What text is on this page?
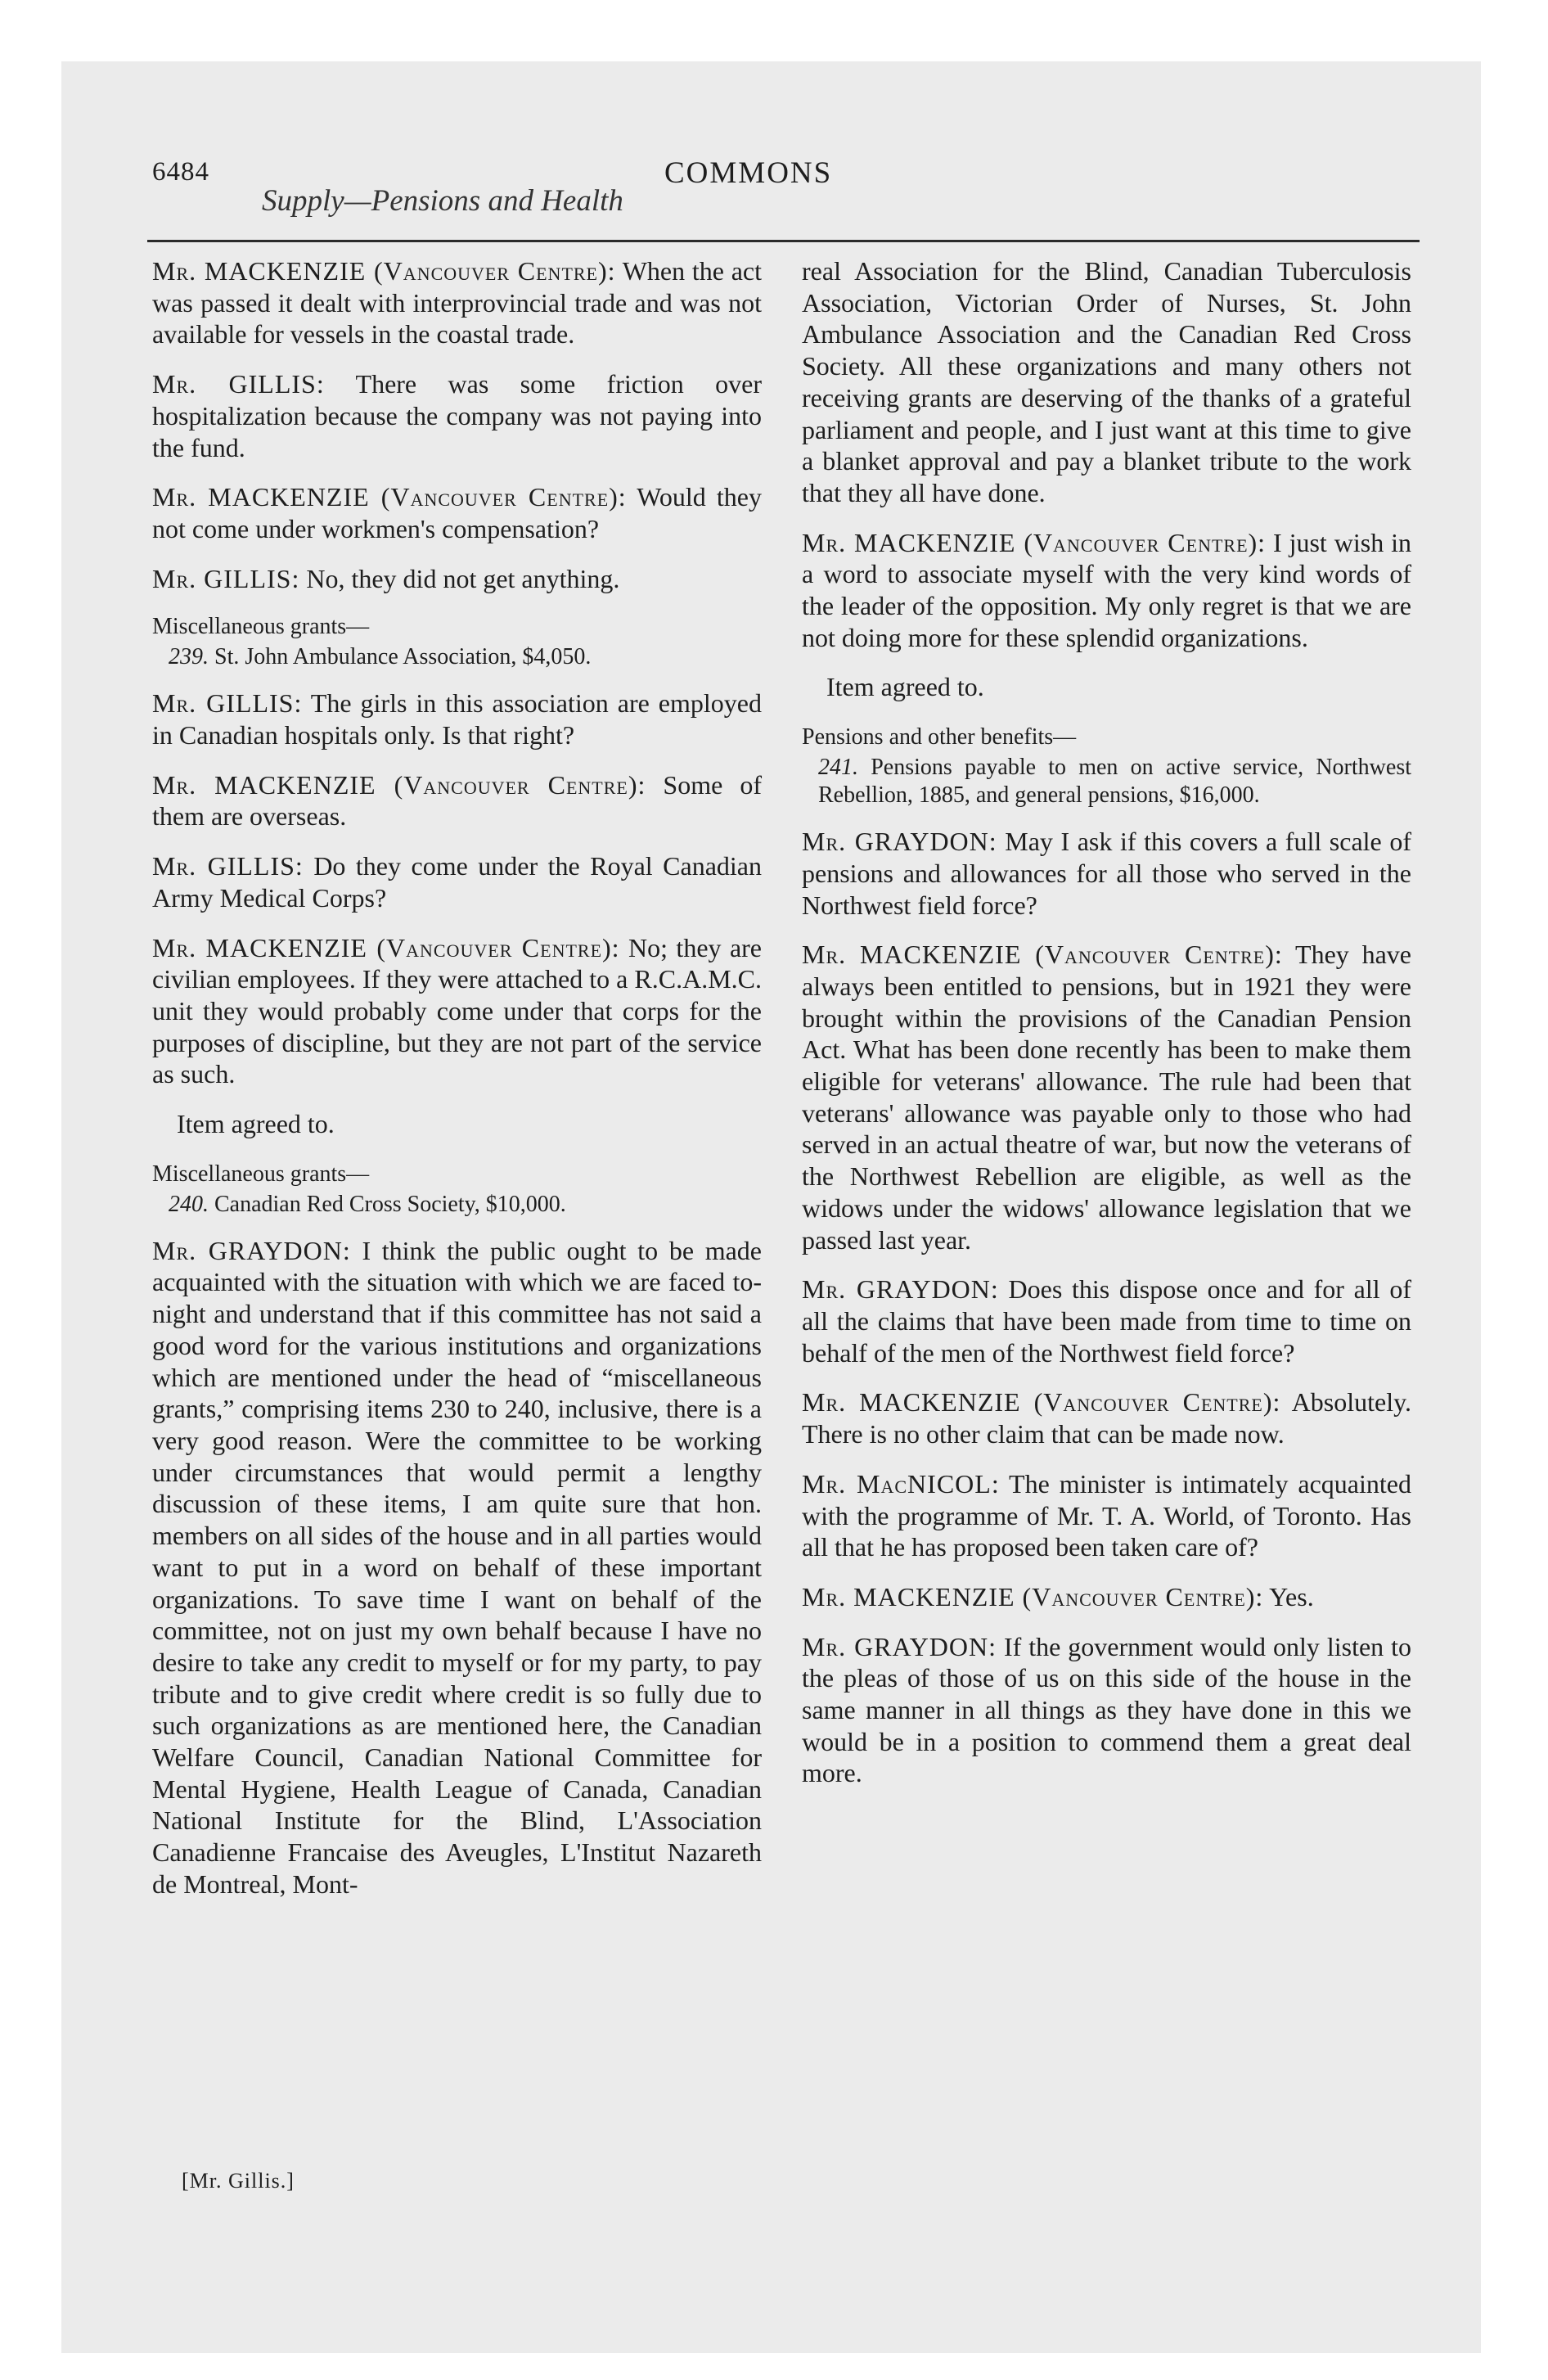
6484	COMMONS
Supply—Pensions and Health

Mr. MACKENZIE (Vancouver Centre): When the act was passed it dealt with interprovincial trade and was not available for vessels in the coastal trade.

Mr. GILLIS: There was some friction over hospitalization because the company was not paying into the fund.

Mr. MACKENZIE (Vancouver Centre): Would they not come under workmen's compensation?

Mr. GILLIS: No, they did not get anything.

Miscellaneous grants—

239. St. John Ambulance Association, $4,050.

Mr. GILLIS: The girls in this association are employed in Canadian hospitals only. Is that right?

Mr. MACKENZIE (Vancouver Centre): Some of them are overseas.

Mr. GILLIS: Do they come under the Royal Canadian Army Medical Corps?

Mr. MACKENZIE (Vancouver Centre): No; they are civilian employees. If they were attached to a R.C.A.M.C. unit they would probably come under that corps for the purposes of discipline, but they are not part of the service as such.

Item agreed to.

Miscellaneous grants—

240. Canadian Red Cross Society, $10,000.

Mr. GRAYDON: I think the public ought to be made acquainted with the situation with which we are faced to-night and understand that if this committee has not said a good word for the various institutions and organizations which are mentioned under the head of “miscellaneous grants,” comprising items 230 to 240, inclusive, there is a very good reason. Were the committee to be working under circumstances that would permit a lengthy discussion of these items, I am quite sure that hon. members on all sides of the house and in all parties would want to put in a word on behalf of these important organizations. To save time I want on behalf of the committee, not on just my own behalf because I have no desire to take any credit to myself or for my party, to pay tribute and to give credit where credit is so fully due to such organizations as are mentioned here, the Canadian Welfare Council, Canadian National Committee for Mental Hygiene, Health League of Canada, Canadian National Institute for the Blind, L'Association Canadienne Francaise des Aveugles, L'Institut Nazareth de Montreal, Mont-

[Mr. Gillis.]

real Association for the Blind, Canadian Tuberculosis Association, Victorian Order of Nurses, St. John Ambulance Association and the Canadian Red Cross Society. All these organizations and many others not receiving grants are deserving of the thanks of a grateful parliament and people, and I just want at this time to give a blanket approval and pay a blanket tribute to the work that they all have done.

Mr. MACKENZIE (Vancouver Centre): I just wish in a word to associate myself with the very kind words of the leader of the opposition. My only regret is that we are not doing more for these splendid organizations.

Item agreed to.

Pensions and other benefits—

241. Pensions payable to men on active service, Northwest Rebellion, 1885, and general pensions, $16,000.

Mr. GRAYDON: May I ask if this covers a full scale of pensions and allowances for all those who served in the Northwest field force?

Mr. MACKENZIE (Vancouver Centre): They have always been entitled to pensions, but in 1921 they were brought within the provisions of the Canadian Pension Act. What has been done recently has been to make them eligible for veterans' allowance. The rule had been that veterans' allowance was payable only to those who had served in an actual theatre of war, but now the veterans of the Northwest Rebellion are eligible, as well as the widows under the widows' allowance legislation that we passed last year.

Mr. GRAYDON: Does this dispose once and for all of all the claims that have been made from time to time on behalf of the men of the Northwest field force?

Mr. MACKENZIE (Vancouver Centre): Absolutely. There is no other claim that can be made now.

Mr. MacNICOL: The minister is intimately acquainted with the programme of Mr. T. A. World, of Toronto. Has all that he has proposed been taken care of?

Mr. MACKENZIE (Vancouver Centre): Yes.

Mr. GRAYDON: If the government would only listen to the pleas of those of us on this side of the house in the same manner in all things as they have done in this we would be in a position to commend them a great deal more.
